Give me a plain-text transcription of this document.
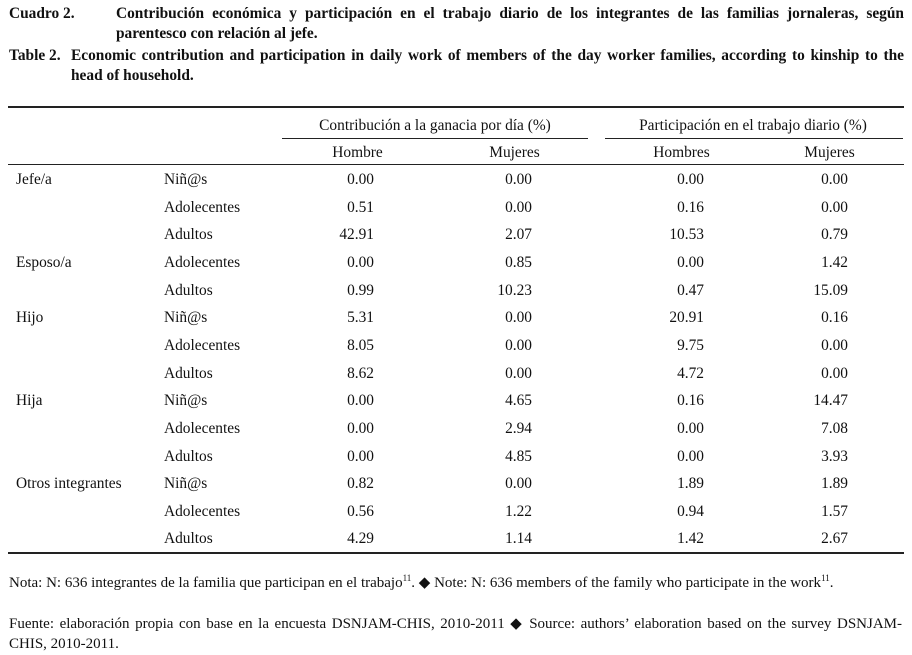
Cuadro 2.	Contribución económica y participación en el trabajo diario de los integrantes de las familias jornaleras, según parentesco con relación al jefe.
Table 2. Economic contribution and participation in daily work of members of the day worker families, according to kinship to the head of household.
Contribución a la ganacia por día (%)	Participación en el trabajo diario (%)
Hombre	Mujeres	Hombres	Mujeres
Jefe/a	Niñ@s	0.00	0.00	0.00	0.00
Adolecentes	0.51	0.00	0.16	0.00
Adultos	42.91	2.07	10.53	0.79
Esposo/a	Adolecentes	0.00	0.85	0.00	1.42
Adultos	0.99	10.23	0.47	15.09
Hijo	Niñ@s	5.31	0.00	20.91	0.16
Adolecentes	8.05	0.00	9.75	0.00
Adultos	8.62	0.00	4.72	0.00
Hija	Niñ@s	0.00	4.65	0.16	14.47
Adolecentes	0.00	2.94	0.00	7.08
Adultos	0.00	4.85	0.00	3.93
Otros integrantes	Niñ@s	0.82	0.00	1.89	1.89
Adolecentes	0.56	1.22	0.94	1.57
Adultos	4.29	1.14	1.42	2.67
Nota: N: 636 integrantes de la familia que participan en el trabajo$^{11}$. ◆ Note: N: 636 members of the family who participate in the work$^{11}$.
Fuente: elaboración propia con base en la encuesta DSNJAM-CHIS, 2010-2011 ◆ Source: authors’ elaboration based on the survey DSNJAM-CHIS, 2010-2011.
